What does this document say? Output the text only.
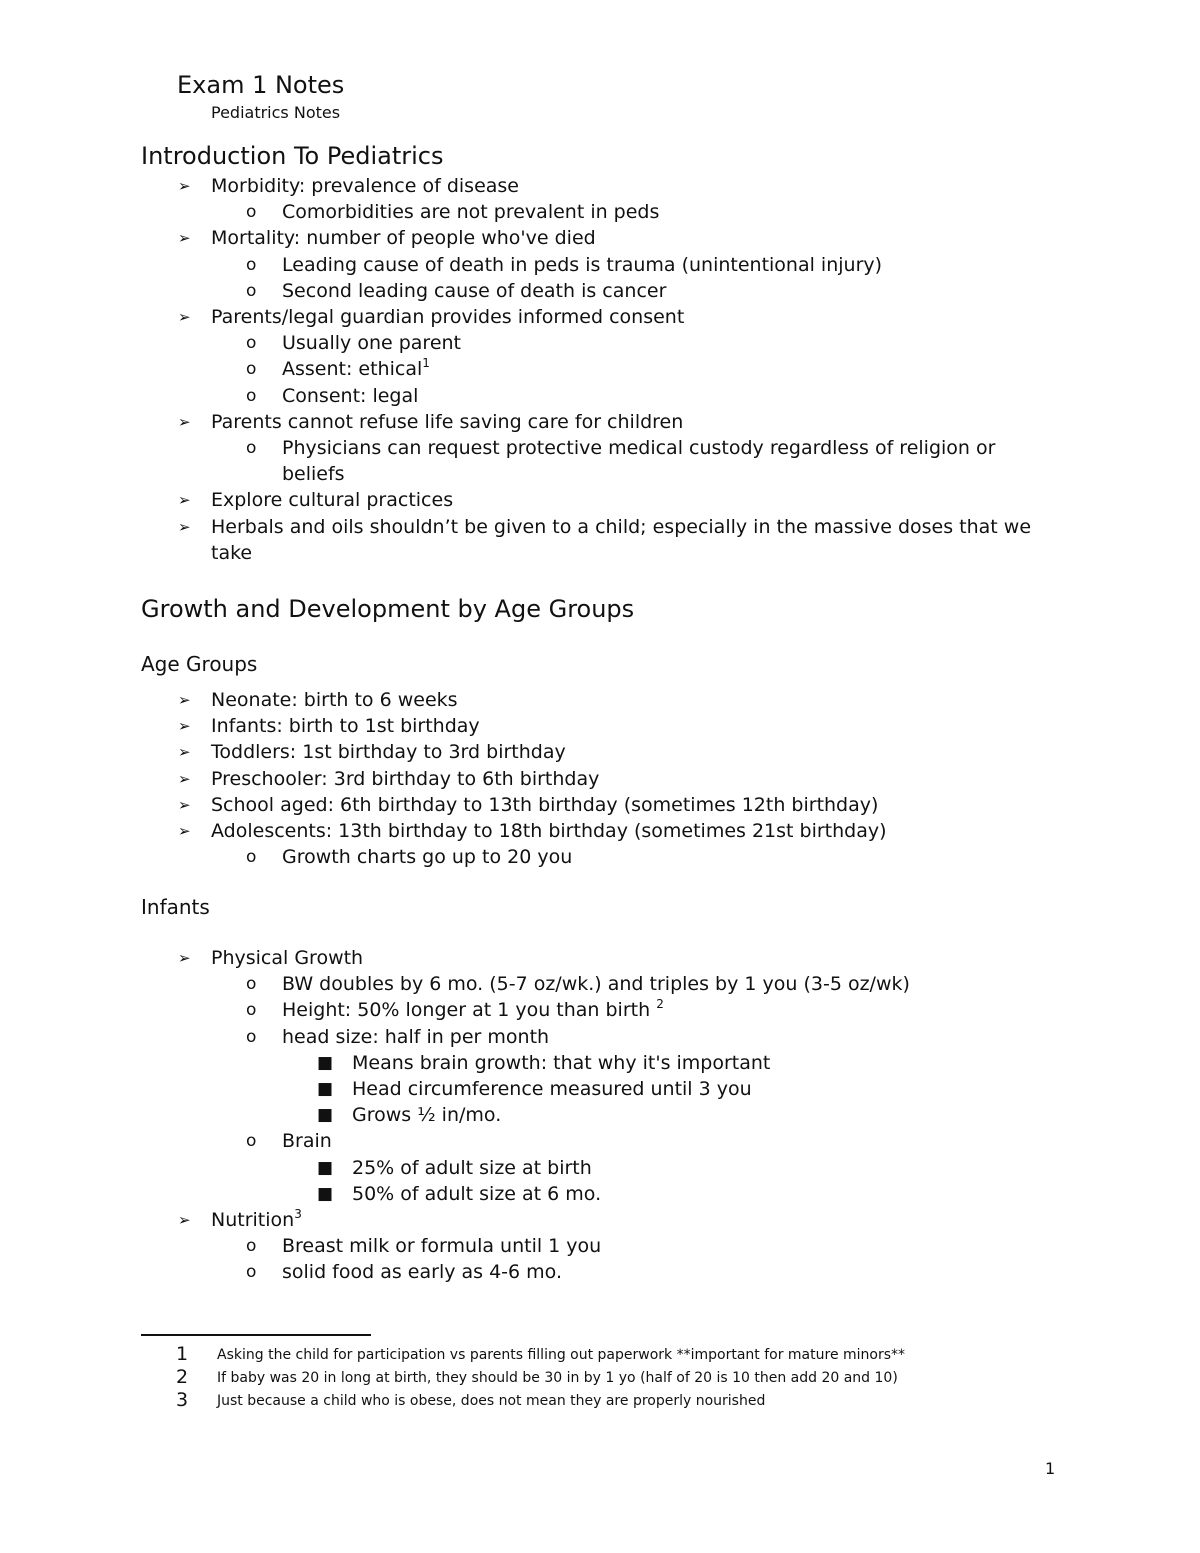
Exam 1 Notes
Pediatrics Notes
Introduction To Pediatrics
➢ Morbidity: prevalence of disease
o Comorbidities are not prevalent in peds
➢ Mortality: number of people who've died
o Leading cause of death in peds is trauma (unintentional injury)
o Second leading cause of death is cancer
➢ Parents/legal guardian provides informed consent
o Usually one parent
o Assent: ethical$^1$
o Consent: legal
➢ Parents cannot refuse life saving care for children
o Physicians can request protective medical custody regardless of religion or beliefs
➢ Explore cultural practices
➢ Herbals and oils shouldn’t be given to a child; especially in the massive doses that we take
Growth and Development by Age Groups
Age Groups
➢ Neonate: birth to 6 weeks
➢ Infants: birth to 1st birthday
➢ Toddlers: 1st birthday to 3rd birthday
➢ Preschooler: 3rd birthday to 6th birthday
➢ School aged: 6th birthday to 13th birthday (sometimes 12th birthday)
➢ Adolescents: 13th birthday to 18th birthday (sometimes 21st birthday)
o Growth charts go up to 20 you
Infants
➢ Physical Growth
o BW doubles by 6 mo. (5-7 oz/wk.) and triples by 1 you (3-5 oz/wk)
o Height: 50% longer at 1 you than birth $^2$
o head size: half in per month
■ Means brain growth: that why it's important
■ Head circumference measured until 3 you
■ Grows ½ in/mo.
o Brain
■ 25% of adult size at birth
■ 50% of adult size at 6 mo.
➢ Nutrition$^3$
o Breast milk or formula until 1 you
o solid food as early as 4-6 mo.
1 Asking the child for participation vs parents filling out paperwork **important for mature minors**
2 If baby was 20 in long at birth, they should be 30 in by 1 yo (half of 20 is 10 then add 20 and 10)
3 Just because a child who is obese, does not mean they are properly nourished
1
